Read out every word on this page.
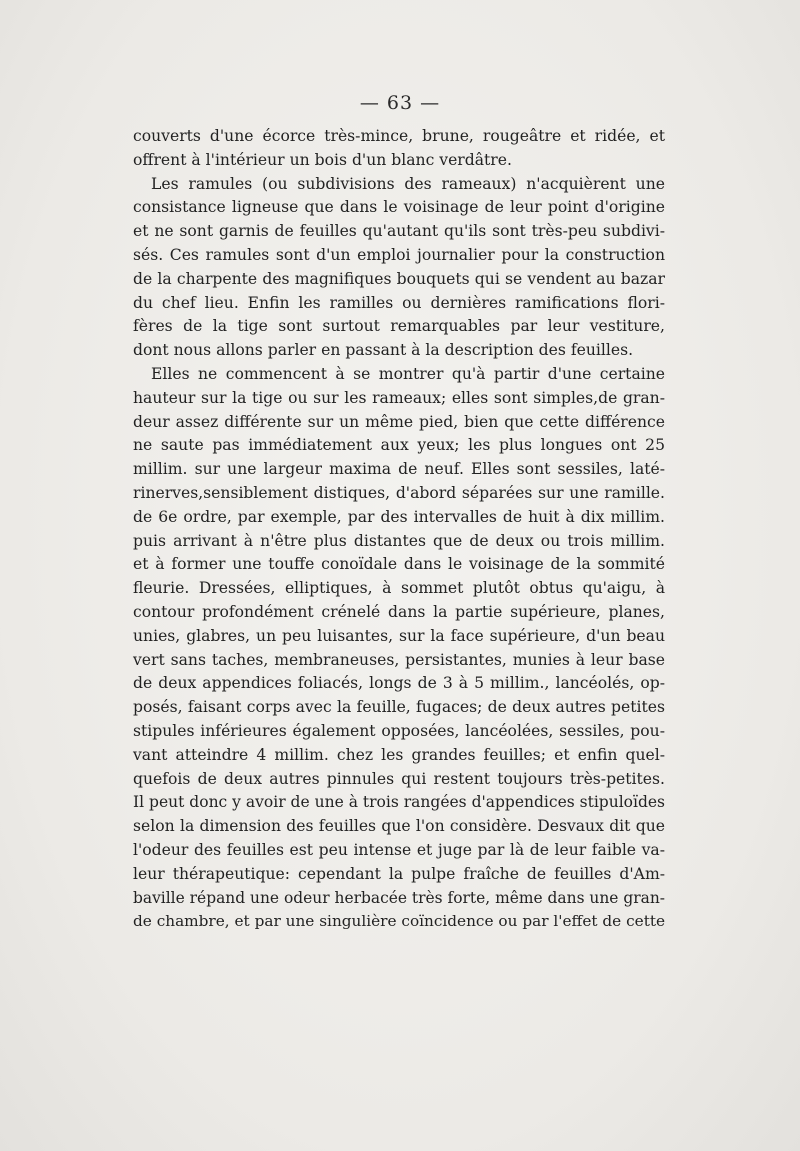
— 63 —
couverts d'une écorce très-mince, brune, rougeâtre et ridée, et
offrent à l'intérieur un bois d'un blanc verdâtre.
Les ramules (ou subdivisions des rameaux) n'acquièrent une
consistance ligneuse que dans le voisinage de leur point d'origine
et ne sont garnis de feuilles qu'autant qu'ils sont très-peu subdivi-
sés. Ces ramules sont d'un emploi journalier pour la construction
de la charpente des magnifiques bouquets qui se vendent au bazar
du chef lieu. Enfin les ramilles ou dernières ramifications flori-
fères de la tige sont surtout remarquables par leur vestiture,
dont nous allons parler en passant à la description des feuilles.
Elles ne commencent à se montrer qu'à partir d'une certaine
hauteur sur la tige ou sur les rameaux; elles sont simples,de gran-
deur assez différente sur un même pied, bien que cette différence
ne saute pas immédiatement aux yeux; les plus longues ont 25
millim. sur une largeur maxima de neuf. Elles sont sessiles, laté-
rinerves,sensiblement distiques, d'abord séparées sur une ramille.
de 6e ordre, par exemple, par des intervalles de huit à dix millim.
puis arrivant à n'être plus distantes que de deux ou trois millim.
et à former une touffe conoïdale dans le voisinage de la sommité
fleurie. Dressées, elliptiques, à sommet plutôt obtus qu'aigu, à
contour profondément crénelé dans la partie supérieure, planes,
unies, glabres, un peu luisantes, sur la face supérieure, d'un beau
vert sans taches, membraneuses, persistantes, munies à leur base
de deux appendices foliacés, longs de 3 à 5 millim., lancéolés, op-
posés, faisant corps avec la feuille, fugaces; de deux autres petites
stipules inférieures également opposées, lancéolées, sessiles, pou-
vant atteindre 4 millim. chez les grandes feuilles; et enfin quel-
quefois de deux autres pinnules qui restent toujours très-petites.
Il peut donc y avoir de une à trois rangées d'appendices stipuloïdes
selon la dimension des feuilles que l'on considère. Desvaux dit que
l'odeur des feuilles est peu intense et juge par là de leur faible va-
leur thérapeutique: cependant la pulpe fraîche de feuilles d'Am-
baville répand une odeur herbacée très forte, même dans une gran-
de chambre, et par une singulière coïncidence ou par l'effet de cette
